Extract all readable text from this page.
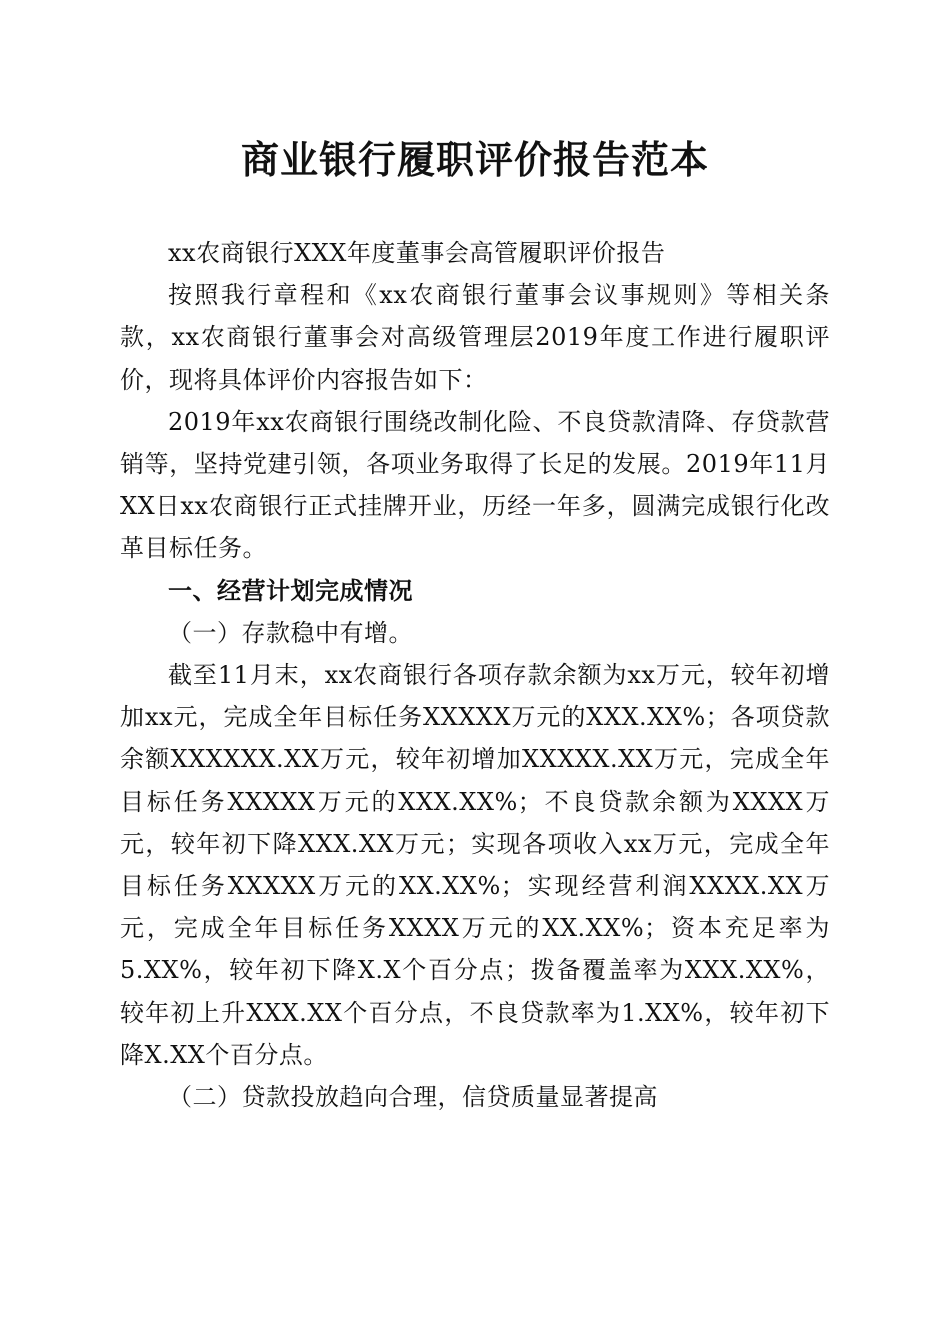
商业银行履职评价报告范本

xx农商银行XXX年度董事会高管履职评价报告

按照我行章程和《xx农商银行董事会议事规则》等相关条款，xx农商银行董事会对高级管理层2019年度工作进行履职评价，现将具体评价内容报告如下：

2019年xx农商银行围绕改制化险、不良贷款清降、存贷款营销等，坚持党建引领，各项业务取得了长足的发展。2019年11月XX日xx农商银行正式挂牌开业，历经一年多，圆满完成银行化改革目标任务。

一、经营计划完成情况

（一）存款稳中有增。

截至11月末，xx农商银行各项存款余额为xx万元，较年初增加xx元，完成全年目标任务XXXXX万元的XXX.XX%；各项贷款余额XXXXXX.XX万元，较年初增加XXXXX.XX万元，完成全年目标任务XXXXX万元的XXX.XX%；不良贷款余额为XXXX万元，较年初下降XXX.XX万元；实现各项收入xx万元，完成全年目标任务XXXXX万元的XX.XX%；实现经营利润XXXX.XX万元，完成全年目标任务XXXX万元的XX.XX%；资本充足率为5.XX%，较年初下降X.X个百分点；拨备覆盖率为XXX.XX%，较年初上升XXX.XX个百分点，不良贷款率为1.XX%，较年初下降X.XX个百分点。

（二）贷款投放趋向合理，信贷质量显著提高
